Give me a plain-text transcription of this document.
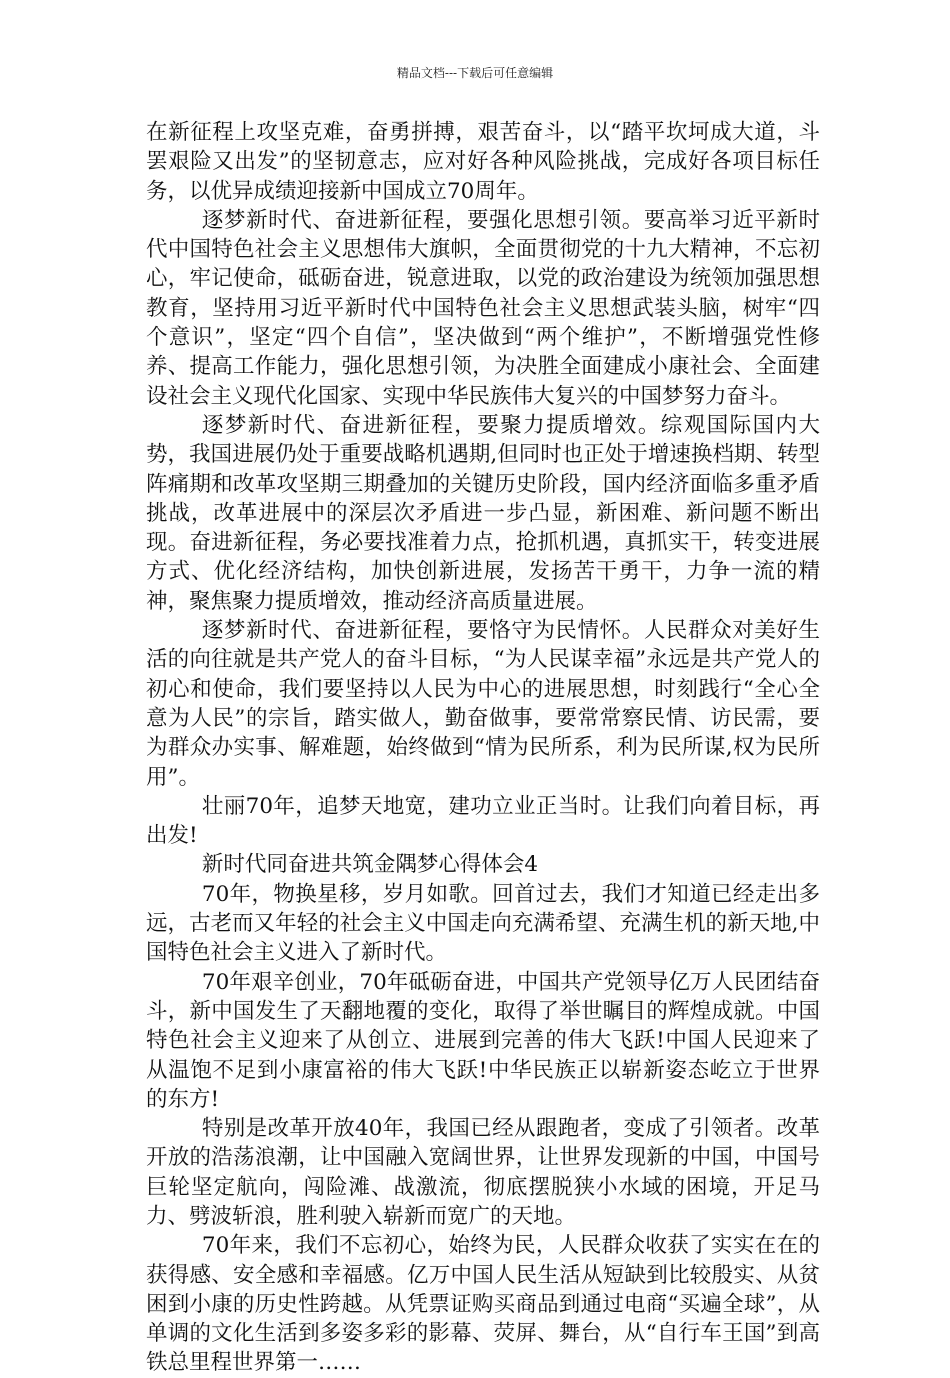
精品文档---下载后可任意编辑

在新征程上攻坚克难，奋勇拼搏，艰苦奋斗，以“踏平坎坷成大道，斗罢艰险又出发”的坚韧意志，应对好各种风险挑战，完成好各项目标任务，以优异成绩迎接新中国成立70周年。

逐梦新时代、奋进新征程，要强化思想引领。要高举习近平新时代中国特色社会主义思想伟大旗帜，全面贯彻党的十九大精神，不忘初心，牢记使命，砥砺奋进，锐意进取，以党的政治建设为统领加强思想教育，坚持用习近平新时代中国特色社会主义思想武装头脑，树牢“四个意识”，坚定“四个自信”，坚决做到“两个维护”，不断增强党性修养、提高工作能力，强化思想引领，为决胜全面建成小康社会、全面建设社会主义现代化国家、实现中华民族伟大复兴的中国梦努力奋斗。

逐梦新时代、奋进新征程，要聚力提质增效。综观国际国内大势，我国进展仍处于重要战略机遇期,但同时也正处于增速换档期、转型阵痛期和改革攻坚期三期叠加的关键历史阶段，国内经济面临多重矛盾挑战，改革进展中的深层次矛盾进一步凸显，新困难、新问题不断出现。奋进新征程，务必要找准着力点，抢抓机遇，真抓实干，转变进展方式、优化经济结构，加快创新进展，发扬苦干勇干，力争一流的精神，聚焦聚力提质增效，推动经济高质量进展。

逐梦新时代、奋进新征程，要恪守为民情怀。人民群众对美好生活的向往就是共产党人的奋斗目标，“为人民谋幸福”永远是共产党人的初心和使命，我们要坚持以人民为中心的进展思想，时刻践行“全心全意为人民”的宗旨，踏实做人，勤奋做事，要常常察民情、访民需，要为群众办实事、解难题，始终做到“情为民所系，利为民所谋,权为民所用”。

壮丽70年，追梦天地宽，建功立业正当时。让我们向着目标，再出发!

新时代同奋进共筑金隅梦心得体会4

70年，物换星移，岁月如歌。回首过去，我们才知道已经走出多远，古老而又年轻的社会主义中国走向充满希望、充满生机的新天地,中国特色社会主义进入了新时代。

70年艰辛创业，70年砥砺奋进，中国共产党领导亿万人民团结奋斗，新中国发生了天翻地覆的变化，取得了举世瞩目的辉煌成就。中国特色社会主义迎来了从创立、进展到完善的伟大飞跃!中国人民迎来了从温饱不足到小康富裕的伟大飞跃!中华民族正以崭新姿态屹立于世界的东方!

特别是改革开放40年，我国已经从跟跑者，变成了引领者。改革开放的浩荡浪潮，让中国融入宽阔世界，让世界发现新的中国，中国号巨轮坚定航向，闯险滩、战激流，彻底摆脱狭小水域的困境，开足马力、劈波斩浪，胜利驶入崭新而宽广的天地。

70年来，我们不忘初心，始终为民，人民群众收获了实实在在的获得感、安全感和幸福感。亿万中国人民生活从短缺到比较殷实、从贫困到小康的历史性跨越。从凭票证购买商品到通过电商“买遍全球”，从单调的文化生活到多姿多彩的影幕、荧屏、舞台，从“自行车王国”到高铁总里程世界第一……
